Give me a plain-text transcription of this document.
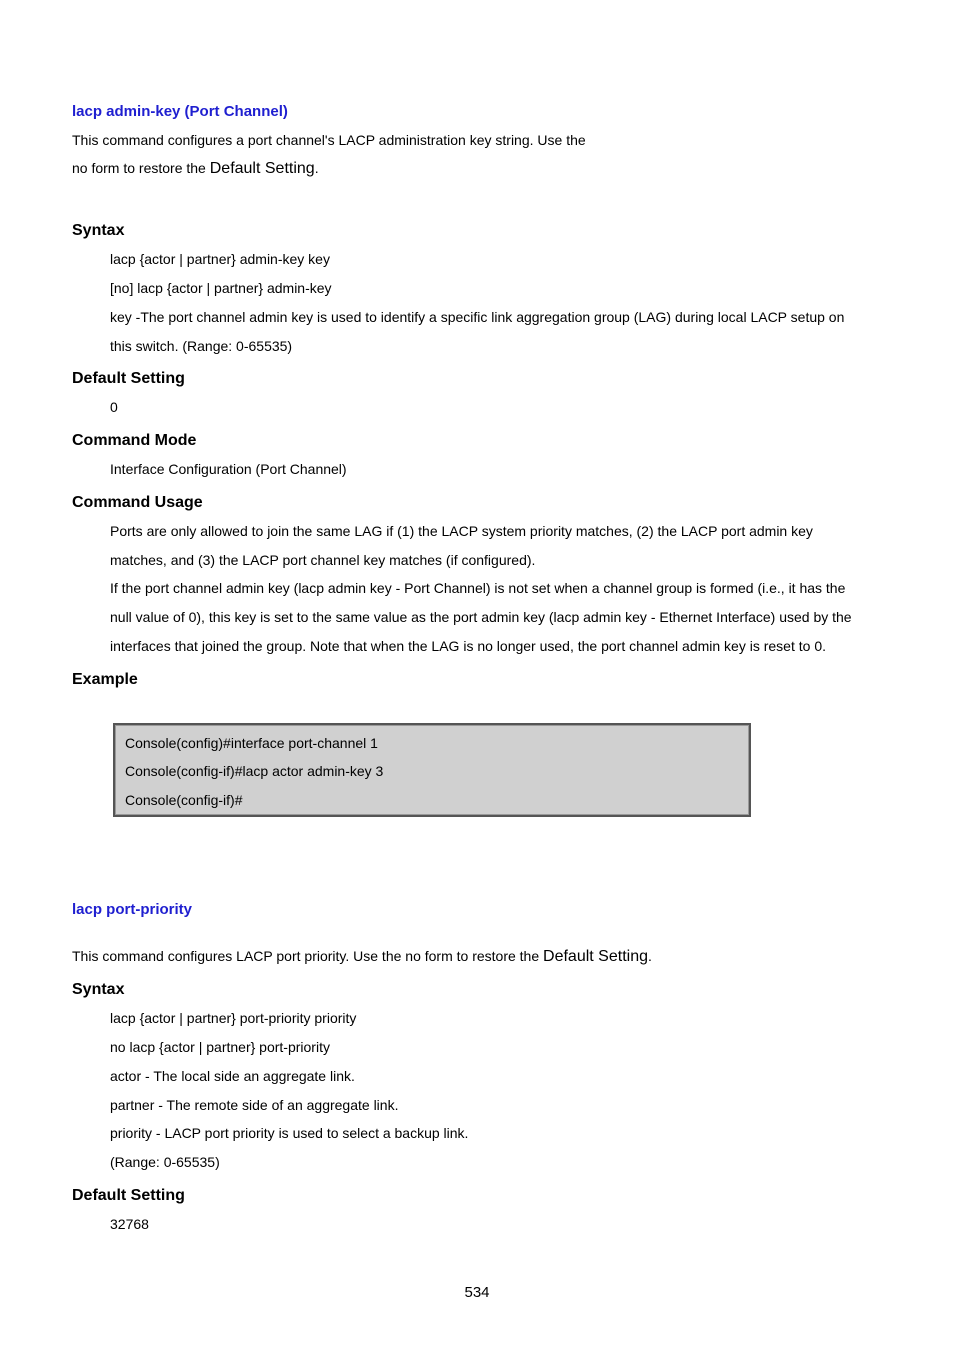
lacp admin-key (Port Channel)
This command configures a port channel's LACP administration key string. Use the
no form to restore the Default Setting.
Syntax
lacp {actor | partner} admin-key key
[no] lacp {actor | partner} admin-key
key -The port channel admin key is used to identify a specific link aggregation group (LAG) during local LACP setup on
this switch. (Range: 0-65535)
Default Setting
0
Command Mode
Interface Configuration (Port Channel)
Command Usage
Ports are only allowed to join the same LAG if (1) the LACP system priority matches, (2) the LACP port admin key
matches, and (3) the LACP port channel key matches (if configured).
If the port channel admin key (lacp admin key - Port Channel) is not set when a channel group is formed (i.e., it has the
null value of 0), this key is set to the same value as the port admin key (lacp admin key - Ethernet Interface) used by the
interfaces that joined the group. Note that when the LAG is no longer used, the port channel admin key is reset to 0.
Example
Console(config)#interface port-channel 1
Console(config-if)#lacp actor admin-key 3
Console(config-if)#
lacp port-priority
This command configures LACP port priority. Use the no form to restore the Default Setting.
Syntax
lacp {actor | partner} port-priority priority
no lacp {actor | partner} port-priority
actor - The local side an aggregate link.
partner - The remote side of an aggregate link.
priority - LACP port priority is used to select a backup link.
(Range: 0-65535)
Default Setting
32768
534
